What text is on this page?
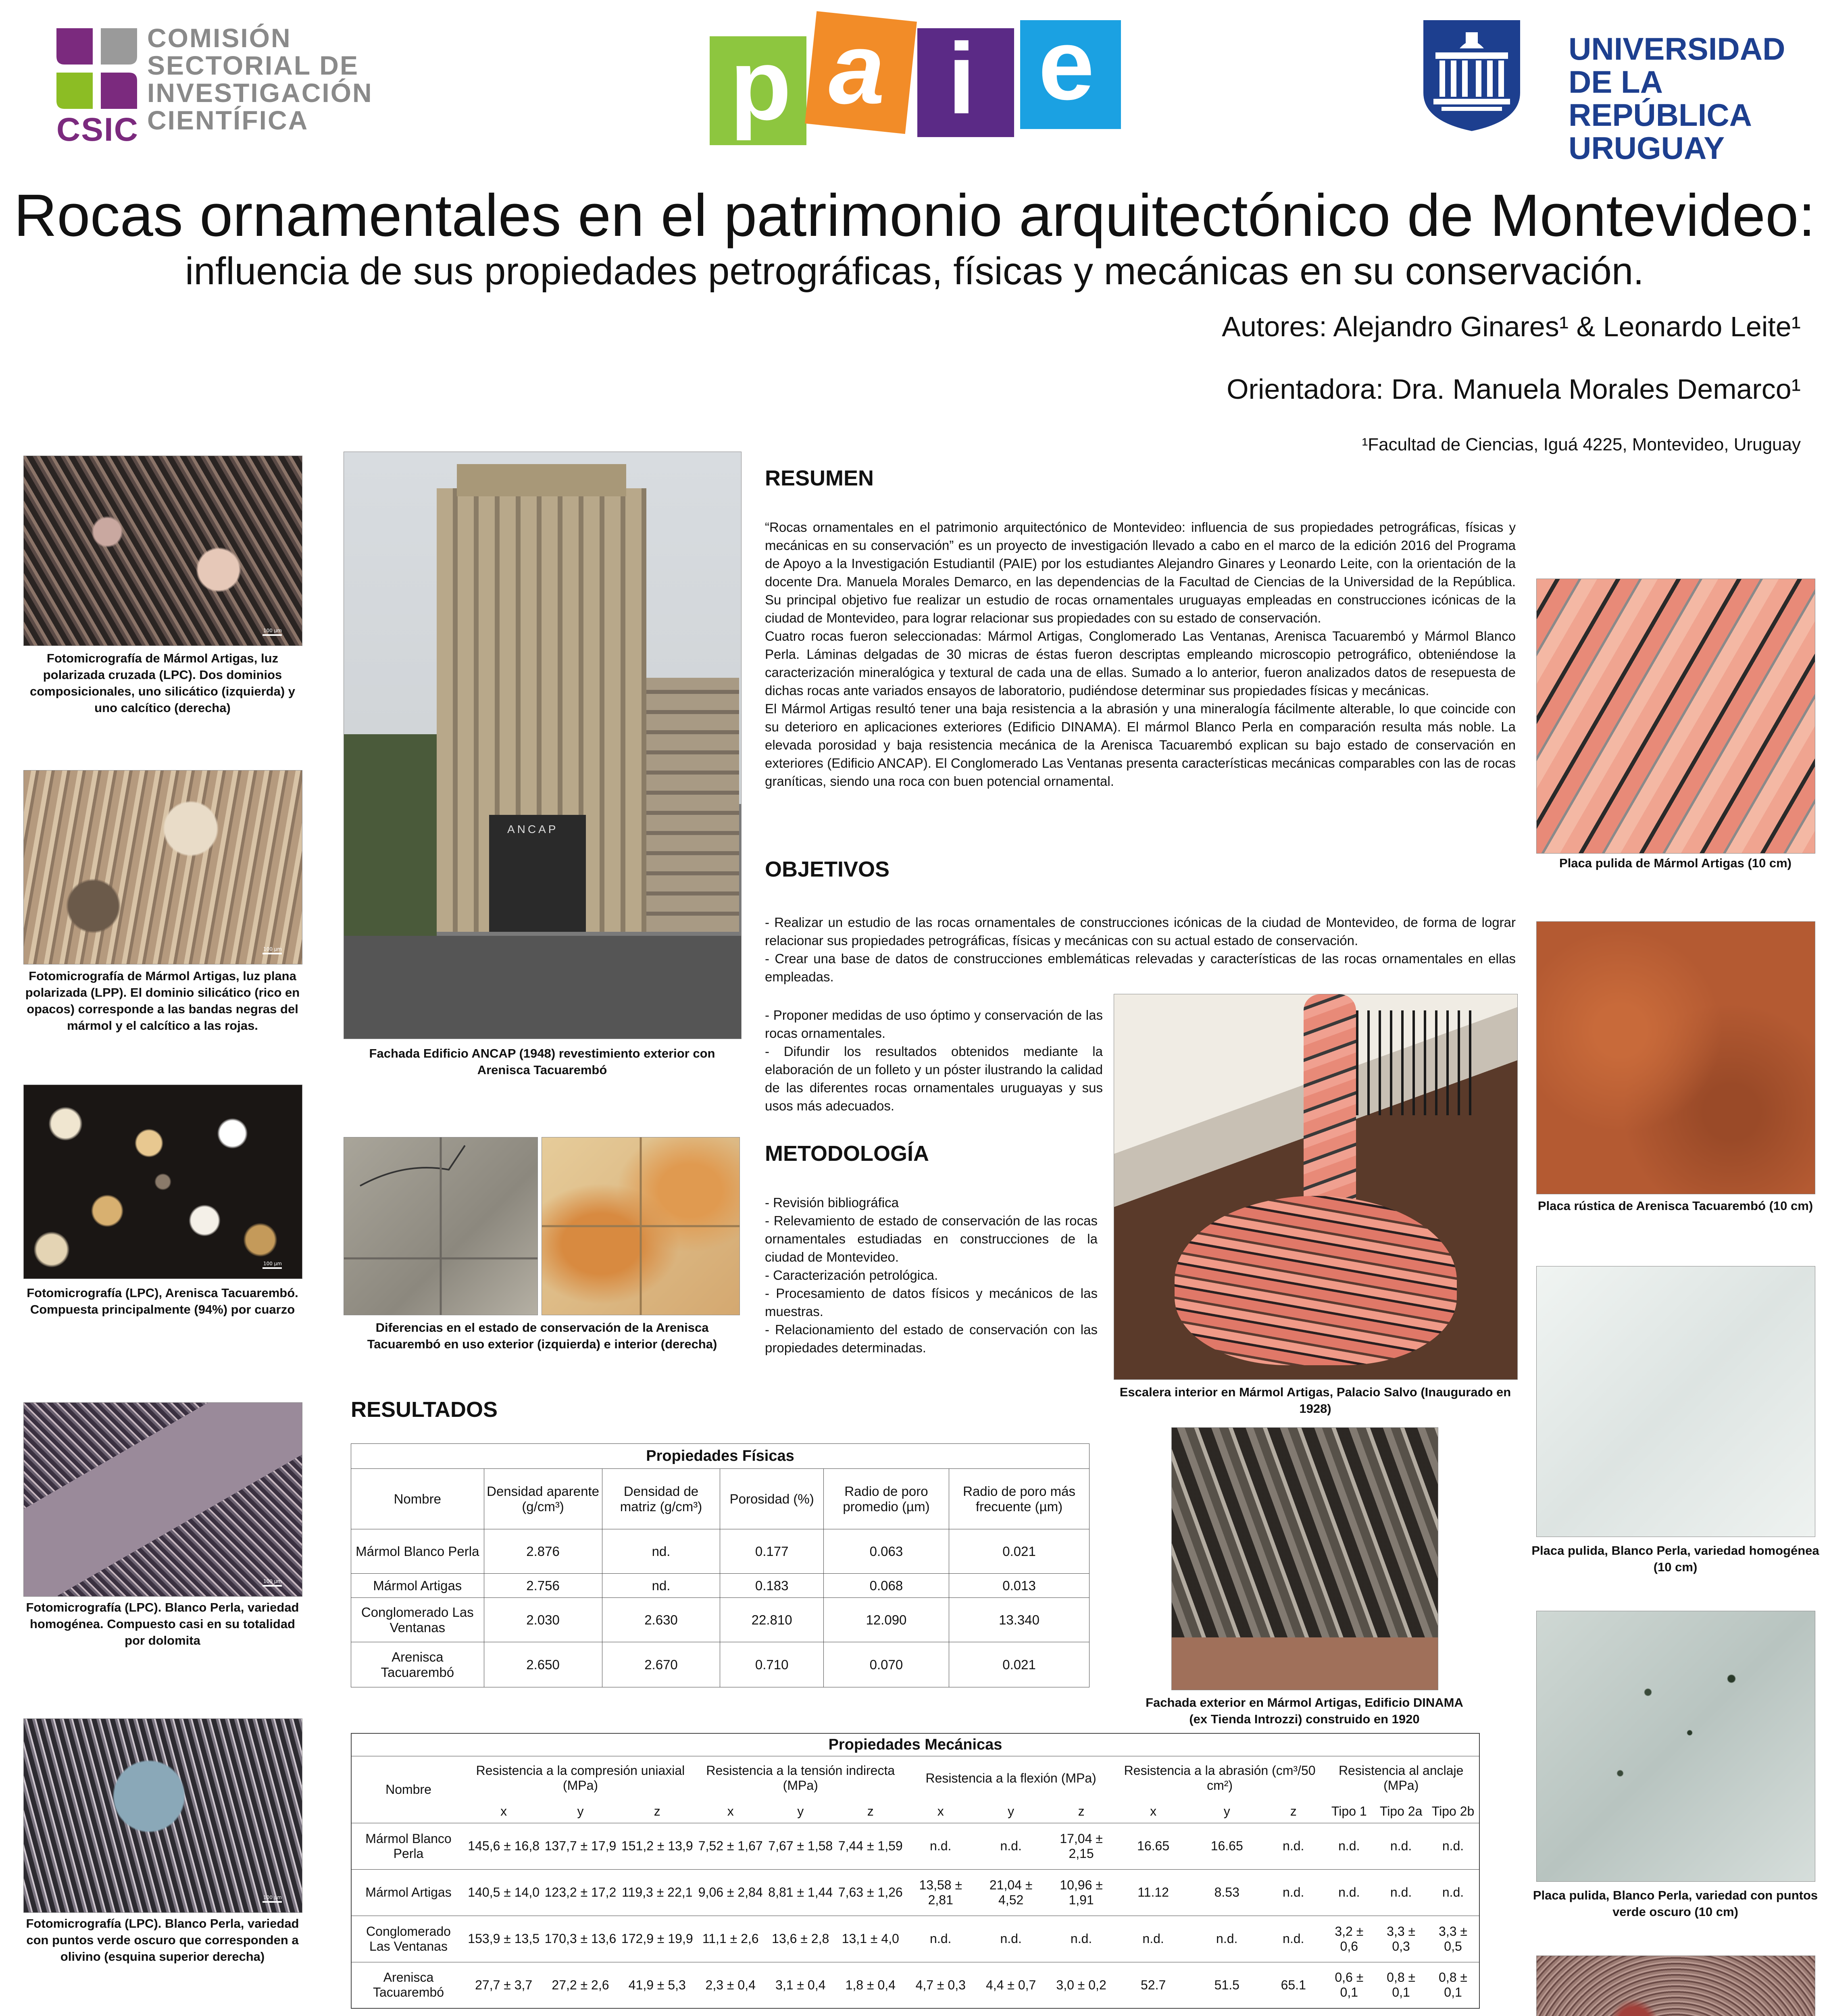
CSIC
COMISIÓN
SECTORIAL DE
INVESTIGACIÓN
CIENTÍFICA	p a i e	UNIVERSIDAD
DE LA REPÚBLICA
URUGUAY
Rocas ornamentales en el patrimonio arquitectónico de Montevideo:
influencia de sus propiedades petrográficas, físicas y mecánicas en su conservación.
Autores: Alejandro Ginares¹ & Leonardo Leite¹
Orientadora: Dra. Manuela Morales Demarco¹
¹Facultad de Ciencias, Iguá 4225, Montevideo, Uruguay
100 µm
Fotomicrografía de Mármol Artigas, luz polarizada cruzada (LPC). Dos dominios composicionales, uno silicático (izquierda) y uno calcítico (derecha)
100 µm
Fotomicrografía de Mármol Artigas, luz plana polarizada (LPP). El dominio silicático (rico en opacos) corresponde a las bandas negras del mármol y el calcítico a las rojas.
100 µm
Fotomicrografía (LPC), Arenisca Tacuarembó. Compuesta principalmente (94%) por cuarzo
100 µm
Fotomicrografía (LPC). Blanco Perla, variedad homogénea. Compuesto casi en su totalidad por dolomita
100 µm
Fotomicrografía (LPC). Blanco Perla, variedad con puntos verde oscuro que corresponden a olivino (esquina superior derecha)
ANCAP
Fachada Edificio ANCAP (1948) revestimiento exterior con Arenisca Tacuarembó
Diferencias en el estado de conservación de la Arenisca Tacuarembó en uso exterior (izquierda) e interior (derecha)
RESUMEN

“Rocas ornamentales en el patrimonio arquitectónico de Montevideo: influencia de sus propiedades petrográficas, físicas y mecánicas en su conservación” es un proyecto de investigación llevado a cabo en el marco de la edición 2016 del Programa de Apoyo a la Investigación Estudiantil (PAIE) por los estudiantes Alejandro Ginares y Leonardo Leite, con la orientación de la docente Dra. Manuela Morales Demarco, en las dependencias de la Facultad de Ciencias de la Universidad de la República. Su principal objetivo fue realizar un estudio de rocas ornamentales uruguayas empleadas en construcciones icónicas de la ciudad de Montevideo, para lograr relacionar sus propiedades con su estado de conservación.

Cuatro rocas fueron seleccionadas: Mármol Artigas, Conglomerado Las Ventanas, Arenisca Tacuarembó y Mármol Blanco Perla. Láminas delgadas de 30 micras de éstas fueron descriptas empleando microscopio petrográfico, obteniéndose la caracterización mineralógica y textural de cada una de ellas. Sumado a lo anterior, fueron analizados datos de resepuesta de dichas rocas ante variados ensayos de laboratorio, pudiéndose determinar sus propiedades físicas y mecánicas.

El Mármol Artigas resultó tener una baja resistencia a la abrasión y una mineralogía fácilmente alterable, lo que coincide con su deterioro en aplicaciones exteriores (Edificio DINAMA). El mármol Blanco Perla en comparación resulta más noble. La elevada porosidad y baja resistencia mecánica de la Arenisca Tacuarembó explican su bajo estado de conservación en exteriores (Edificio ANCAP). El Conglomerado Las Ventanas presenta características mecánicas comparables con las de rocas graníticas, siendo una roca con buen potencial ornamental.

OBJETIVOS

- Realizar un estudio de las rocas ornamentales de construcciones icónicas de la ciudad de Montevideo, de forma de lograr relacionar sus propiedades petrográficas, físicas y mecánicas con su actual estado de conservación.

- Crear una base de datos de construcciones emblemáticas relevadas y características de las rocas ornamentales en ellas empleadas.

- Proponer medidas de uso óptimo y conservación de las rocas ornamentales.

- Difundir los resultados obtenidos mediante la elaboración de un folleto y un póster ilustrando la calidad de las diferentes rocas ornamentales uruguayas y sus usos más adecuados.

Escalera interior en Mármol Artigas, Palacio Salvo (Inaugurado en 1928)
METODOLOGÍA

- Revisión bibliográfica

- Relevamiento de estado de conservación de las rocas ornamentales estudiadas en construcciones de la ciudad de Montevideo.

- Caracterización petrológica.

- Procesamiento de datos físicos y mecánicos de las muestras.

- Relacionamiento del estado de conservación con las propiedades determinadas.

RESULTADOS
Propiedades Físicas					
Nombre	Densidad aparente (g/cm³)	Densidad de matriz (g/cm³)	Porosidad (%)	Radio de poro promedio (µm)	Radio de poro más frecuente (µm)
Mármol Blanco Perla	2.876	nd.	0.177	0.063	0.021
Mármol Artigas	2.756	nd.	0.183	0.068	0.013
Conglomerado Las Ventanas	2.030	2.630	22.810	12.090	13.340
Arenisca Tacuarembó	2.650	2.670	0.710	0.070	0.021
Fachada exterior en Mármol Artigas, Edificio DINAMA (ex Tienda Introzzi) construido en 1920
Propiedades Mecánicas															
Nombre	Resistencia a la compresión uniaxial (MPa)			Resistencia a la tensión indirecta (MPa)			Resistencia a la flexión (MPa)			Resistencia a la abrasión (cm³/50 cm²)			Resistencia al anclaje (MPa)		
	x	y	z	x	y	z	x	y	z	x	y	z	Tipo 1	Tipo 2a	Tipo 2b
Mármol Blanco Perla	145,6 ± 16,8	137,7 ± 17,9	151,2 ± 13,9	7,52 ± 1,67	7,67 ± 1,58	7,44 ± 1,59	n.d.	n.d.	17,04 ± 2,15	16.65	16.65	n.d.	n.d.	n.d.	n.d.
Mármol Artigas	140,5 ± 14,0	123,2 ± 17,2	119,3 ± 22,1	9,06 ± 2,84	8,81 ± 1,44	7,63 ± 1,26	13,58 ± 2,81	21,04 ± 4,52	10,96 ± 1,91	11.12	8.53	n.d.	n.d.	n.d.	n.d.
Conglomerado Las Ventanas	153,9 ± 13,5	170,3 ± 13,6	172,9 ± 19,9	11,1 ± 2,6	13,6 ± 2,8	13,1 ± 4,0	n.d.	n.d.	n.d.	n.d.	n.d.	n.d.	3,2 ± 0,6	3,3 ± 0,3	3,3 ± 0,5
Arenisca Tacuarembó	27,7 ± 3,7	27,2 ± 2,6	41,9 ± 5,3	2,3 ± 0,4	3,1 ± 0,4	1,8 ± 0,4	4,7 ± 0,3	4,4 ± 0,7	3,0 ± 0,2	52.7	51.5	65.1	0,6 ± 0,1	0,8 ± 0,1	0,8 ± 0,1

Placa pulida de Mármol Artigas (10 cm)
Placa rústica de Arenisca Tacuarembó (10 cm)
Placa pulida, Blanco Perla, variedad homogénea (10 cm)
Placa pulida, Blanco Perla, variedad con puntos verde oscuro (10 cm)
